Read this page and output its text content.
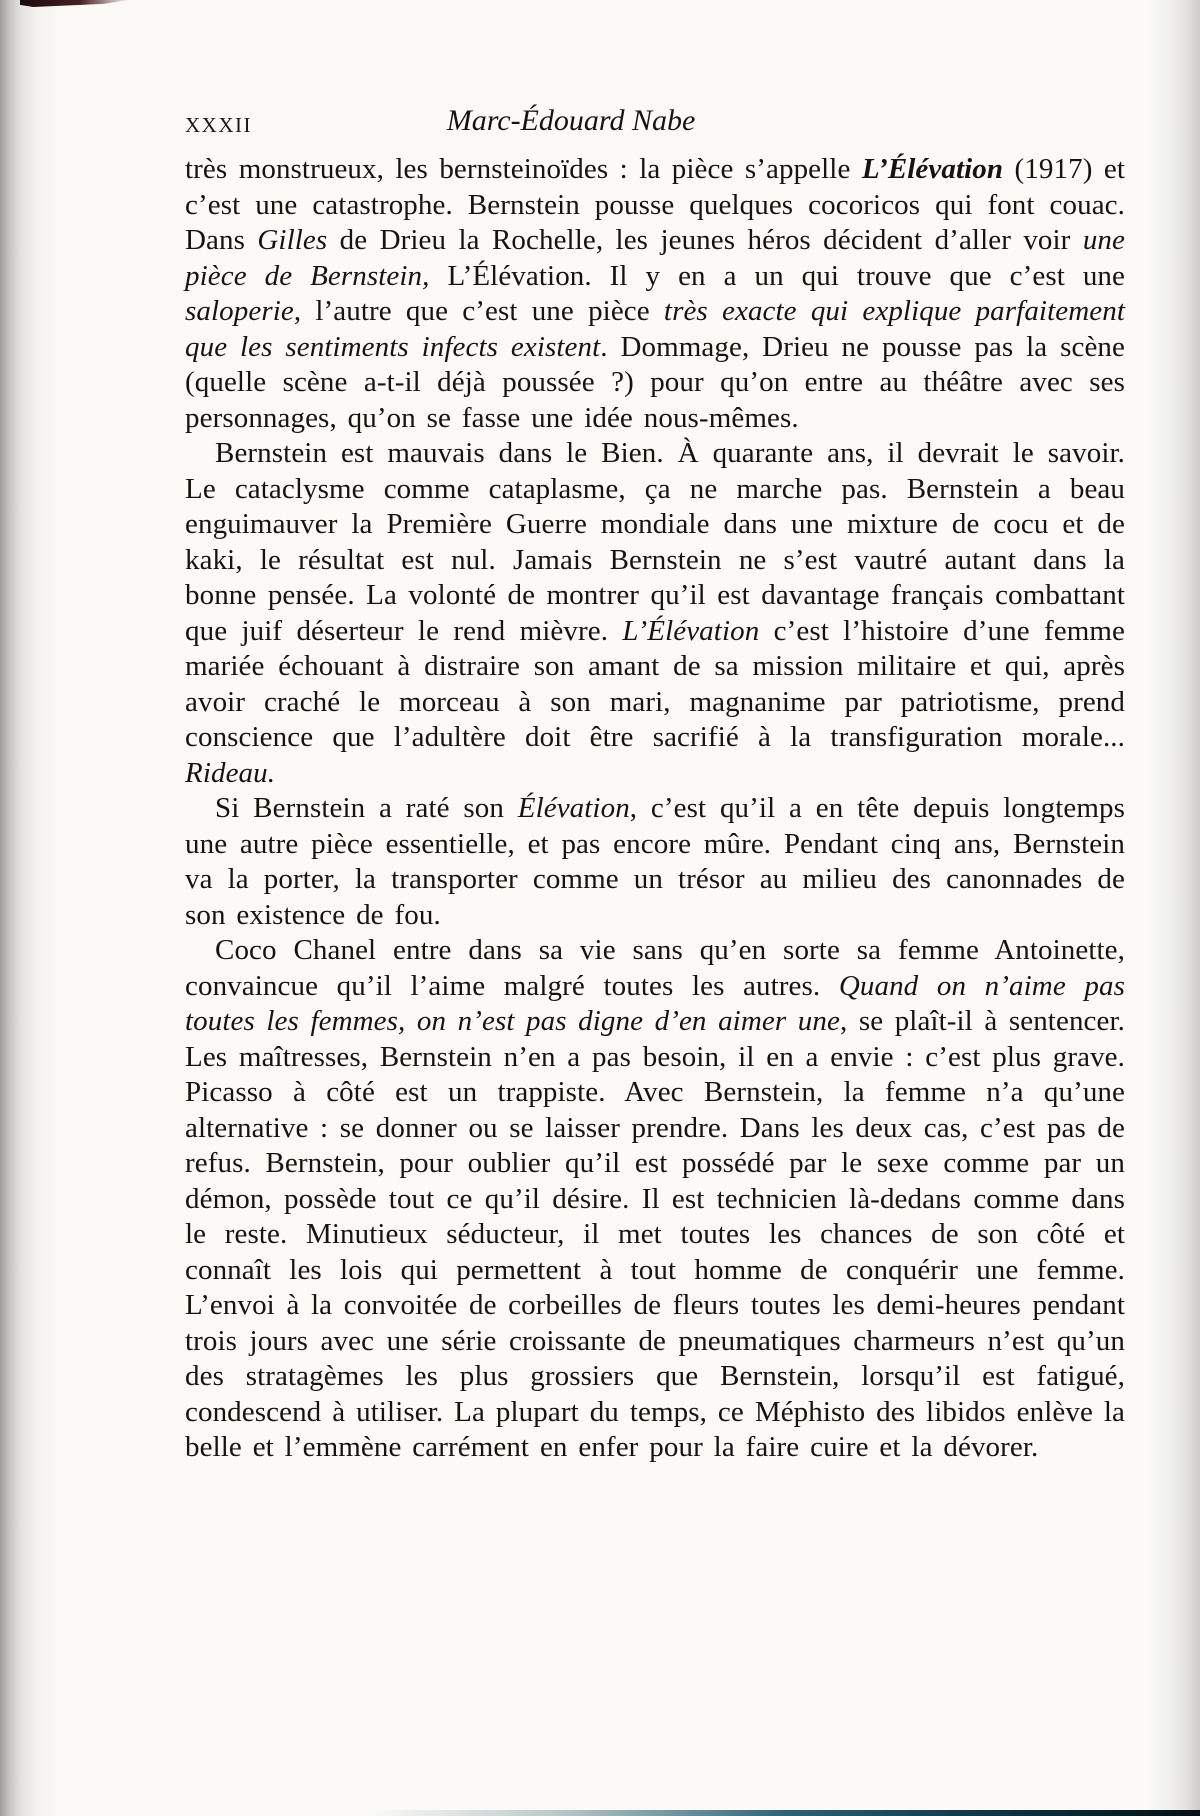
XXXII	Marc-Édouard Nabe

très monstrueux, les bernsteinoïdes : la pièce s’appelle L’Élévation (1917) et c’est une catastrophe. Bernstein pousse quelques cocoricos qui font couac. Dans Gilles de Drieu la Rochelle, les jeunes héros décident d’aller voir une pièce de Bernstein, L’Élévation. Il y en a un qui trouve que c’est une saloperie, l’autre que c’est une pièce très exacte qui explique parfaitement que les sentiments infects existent. Dommage, Drieu ne pousse pas la scène (quelle scène a-t-il déjà poussée ?) pour qu’on entre au théâtre avec ses personnages, qu’on se fasse une idée nous-mêmes.

Bernstein est mauvais dans le Bien. À quarante ans, il devrait le savoir. Le cataclysme comme cataplasme, ça ne marche pas. Bernstein a beau enguimauver la Première Guerre mondiale dans une mixture de cocu et de kaki, le résultat est nul. Jamais Bernstein ne s’est vautré autant dans la bonne pensée. La volonté de montrer qu’il est davantage français combattant que juif déserteur le rend mièvre. L’Élévation c’est l’histoire d’une femme mariée échouant à distraire son amant de sa mission militaire et qui, après avoir craché le morceau à son mari, magnanime par patriotisme, prend conscience que l’adultère doit être sacrifié à la transfiguration morale... Rideau.

Si Bernstein a raté son Élévation, c’est qu’il a en tête depuis longtemps une autre pièce essentielle, et pas encore mûre. Pendant cinq ans, Bernstein va la porter, la transporter comme un trésor au milieu des canonnades de son existence de fou.

Coco Chanel entre dans sa vie sans qu’en sorte sa femme Antoinette, convaincue qu’il l’aime malgré toutes les autres. Quand on n’aime pas toutes les femmes, on n’est pas digne d’en aimer une, se plaît-il à sentencer. Les maîtresses, Bernstein n’en a pas besoin, il en a envie : c’est plus grave. Picasso à côté est un trappiste. Avec Bernstein, la femme n’a qu’une alternative : se donner ou se laisser prendre. Dans les deux cas, c’est pas de refus. Bernstein, pour oublier qu’il est possédé par le sexe comme par un démon, possède tout ce qu’il désire. Il est technicien là-dedans comme dans le reste. Minutieux séducteur, il met toutes les chances de son côté et connaît les lois qui permettent à tout homme de conquérir une femme. L’envoi à la convoitée de corbeilles de fleurs toutes les demi-heures pendant trois jours avec une série croissante de pneumatiques charmeurs n’est qu’un des stratagèmes les plus grossiers que Bernstein, lorsqu’il est fatigué, condescend à utiliser. La plupart du temps, ce Méphisto des libidos enlève la belle et l’emmène carrément en enfer pour la faire cuire et la dévorer.
